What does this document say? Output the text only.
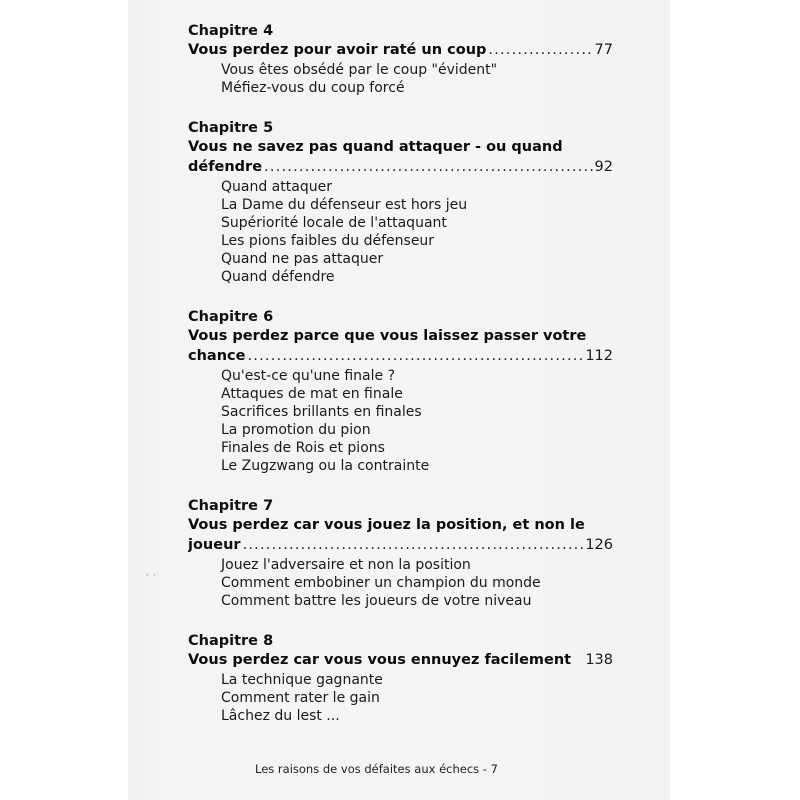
Chapitre 4
Vous perdez pour avoir raté un coup .....	77
Vous êtes obsédé par le coup "évident"
Méfiez-vous du coup forcé
Chapitre 5
Vous ne savez pas quand attaquer - ou quand
défendre .....	92
Quand attaquer
La Dame du défenseur est hors jeu
Supériorité locale de l'attaquant
Les pions faibles du défenseur
Quand ne pas attaquer
Quand défendre
Chapitre 6
Vous perdez parce que vous laissez passer votre
chance .....	112
Qu'est-ce qu'une finale ?
Attaques de mat en finale
Sacrifices brillants en finales
La promotion du pion
Finales de Rois et pions
Le Zugzwang ou la contrainte
Chapitre 7
Vous perdez car vous jouez la position, et non le
joueur .....	126
Jouez l'adversaire et non la position
Comment embobiner un champion du monde
Comment battre les joueurs de votre niveau
Chapitre 8
Vous perdez car vous vous ennuyez facilement 138
La technique gagnante
Comment rater le gain
Lâchez du lest ...
· ·
Les raisons de vos défaites aux échecs - 7
